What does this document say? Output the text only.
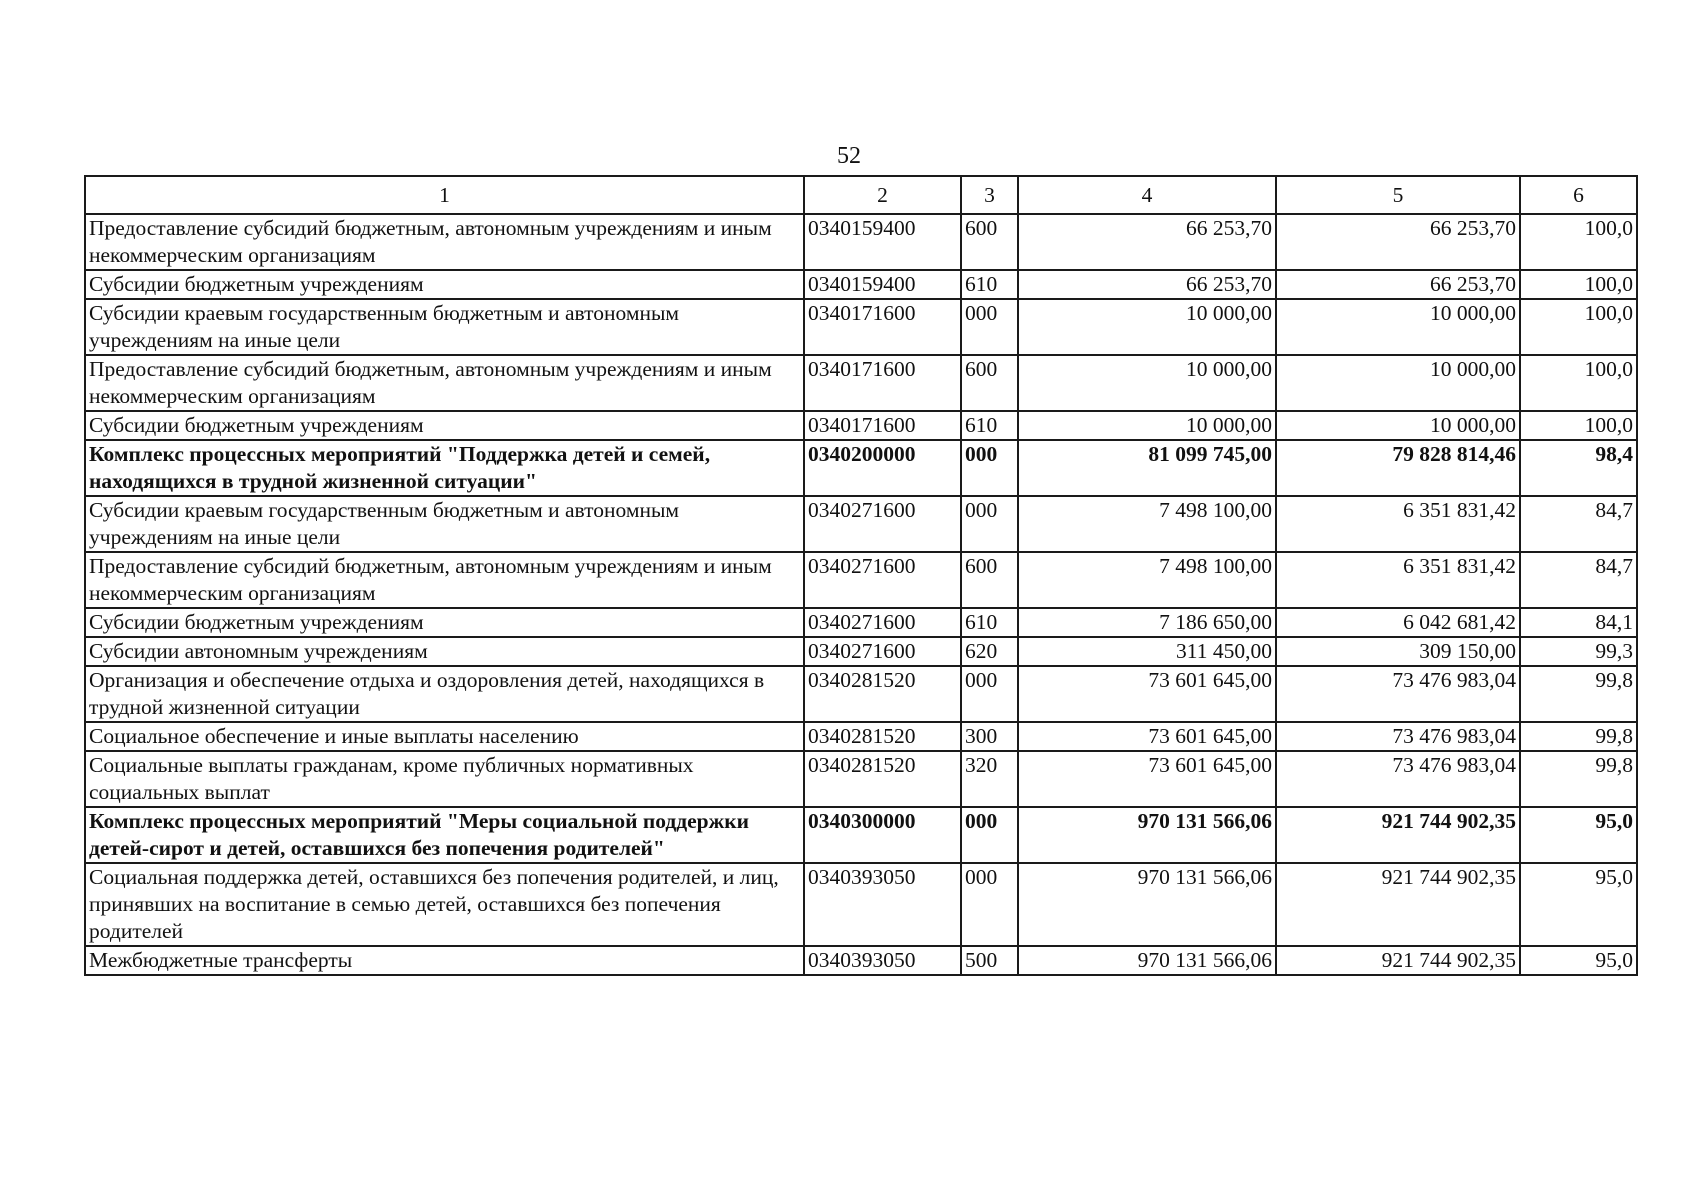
52
1	2	3	4	5	6
Предоставление субсидий бюджетным, автономным учреждениям и иным некоммерческим организациям	0340159400	600	66 253,70	66 253,70	100,0
Субсидии бюджетным учреждениям	0340159400	610	66 253,70	66 253,70	100,0
Субсидии краевым государственным бюджетным и автономным учреждениям на иные цели	0340171600	000	10 000,00	10 000,00	100,0
Предоставление субсидий бюджетным, автономным учреждениям и иным некоммерческим организациям	0340171600	600	10 000,00	10 000,00	100,0
Субсидии бюджетным учреждениям	0340171600	610	10 000,00	10 000,00	100,0
Комплекс процессных мероприятий "Поддержка детей и семей, находящихся в трудной жизненной ситуации"	0340200000	000	81 099 745,00	79 828 814,46	98,4
Субсидии краевым государственным бюджетным и автономным учреждениям на иные цели	0340271600	000	7 498 100,00	6 351 831,42	84,7
Предоставление субсидий бюджетным, автономным учреждениям и иным некоммерческим организациям	0340271600	600	7 498 100,00	6 351 831,42	84,7
Субсидии бюджетным учреждениям	0340271600	610	7 186 650,00	6 042 681,42	84,1
Субсидии автономным учреждениям	0340271600	620	311 450,00	309 150,00	99,3
Организация и обеспечение отдыха и оздоровления детей, находящихся в трудной жизненной ситуации	0340281520	000	73 601 645,00	73 476 983,04	99,8
Социальное обеспечение и иные выплаты населению	0340281520	300	73 601 645,00	73 476 983,04	99,8
Социальные выплаты гражданам, кроме публичных нормативных социальных выплат	0340281520	320	73 601 645,00	73 476 983,04	99,8
Комплекс процессных мероприятий "Меры социальной поддержки детей-сирот и детей, оставшихся без попечения родителей"	0340300000	000	970 131 566,06	921 744 902,35	95,0
Социальная поддержка детей, оставшихся без попечения родителей, и лиц, принявших на воспитание в семью детей, оставшихся без попечения родителей	0340393050	000	970 131 566,06	921 744 902,35	95,0
Межбюджетные трансферты	0340393050	500	970 131 566,06	921 744 902,35	95,0
